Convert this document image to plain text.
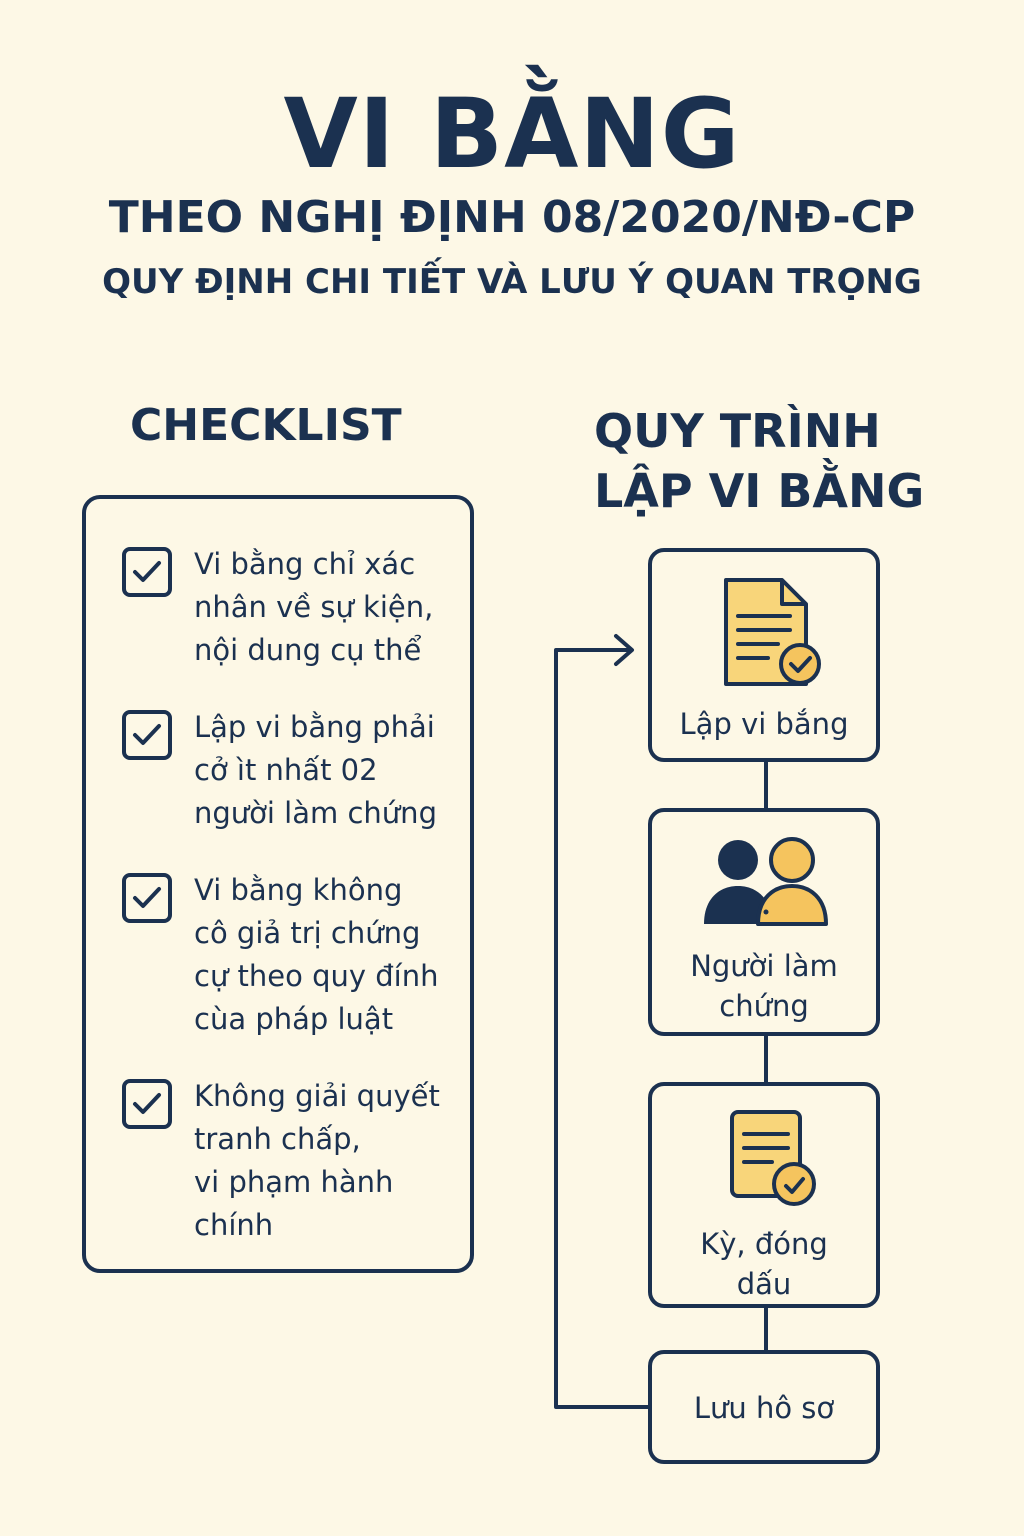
VI BẰNG
THEO NGHỊ ĐỊNH 08/2020/NĐ-CP
QUY ĐỊNH CHI TIẾT VÀ LƯU Ý QUAN TRỌNG
CHECKLIST
Vi bằng chỉ xác
nhân về sự kiện,
nội dung cụ thể
Lập vi bằng phải
cở ìt nhất 02
người làm chứng
Vi bằng không
cô giả trị chứng
cự theo quy đính
cùa pháp luật
Không giải quyết
tranh chấp,
vi phạm hành
chính
QUY TRÌNH
LẬP VI BẰNG
Lập vi bắng
Người làm
chứng
Kỳ, đóng
dấu
Lưu hô sơ
